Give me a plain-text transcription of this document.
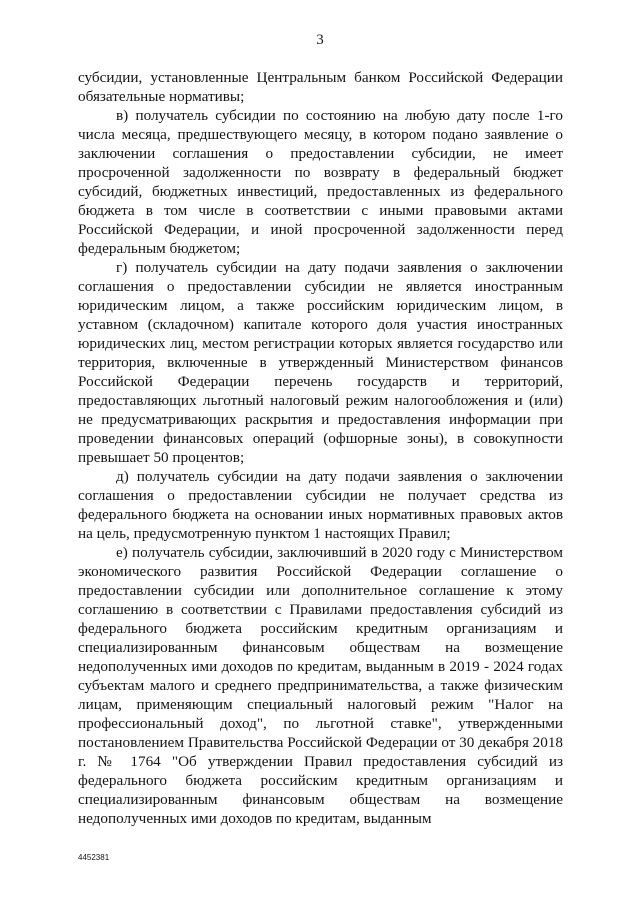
3

субсидии, установленные Центральным банком Российской Федерации обязательные нормативы;

в) получатель субсидии по состоянию на любую дату после 1-го числа месяца, предшествующего месяцу, в котором подано заявление о заключении соглашения о предоставлении субсидии, не имеет просроченной задолженности по возврату в федеральный бюджет субсидий, бюджетных инвестиций, предоставленных из федерального бюджета в том числе в соответствии с иными правовыми актами Российской Федерации, и иной просроченной задолженности перед федеральным бюджетом;

г) получатель субсидии на дату подачи заявления о заключении соглашения о предоставлении субсидии не является иностранным юридическим лицом, а также российским юридическим лицом, в уставном (складочном) капитале которого доля участия иностранных юридических лиц, местом регистрации которых является государство или территория, включенные в утвержденный Министерством финансов Российской Федерации перечень государств и территорий, предоставляющих льготный налоговый режим налогообложения и (или) не предусматривающих раскрытия и предоставления информации при проведении финансовых операций (офшорные зоны), в совокупности превышает 50 процентов;

д) получатель субсидии на дату подачи заявления о заключении соглашения о предоставлении субсидии не получает средства из федерального бюджета на основании иных нормативных правовых актов на цель, предусмотренную пунктом 1 настоящих Правил;

е) получатель субсидии, заключивший в 2020 году с Министерством экономического развития Российской Федерации соглашение о предоставлении субсидии или дополнительное соглашение к этому соглашению в соответствии с Правилами предоставления субсидий из федерального бюджета российским кредитным организациям и специализированным финансовым обществам на возмещение недополученных ими доходов по кредитам, выданным в 2019 - 2024 годах субъектам малого и среднего предпринимательства, а также физическим лицам, применяющим специальный налоговый режим "Налог на профессиональный доход", по льготной ставке", утвержденными постановлением Правительства Российской Федерации от 30 декабря 2018 г. № 1764 "Об утверждении Правил предоставления субсидий из федерального бюджета российским кредитным организациям и специализированным финансовым обществам на возмещение недополученных ими доходов по кредитам, выданным

4452381
